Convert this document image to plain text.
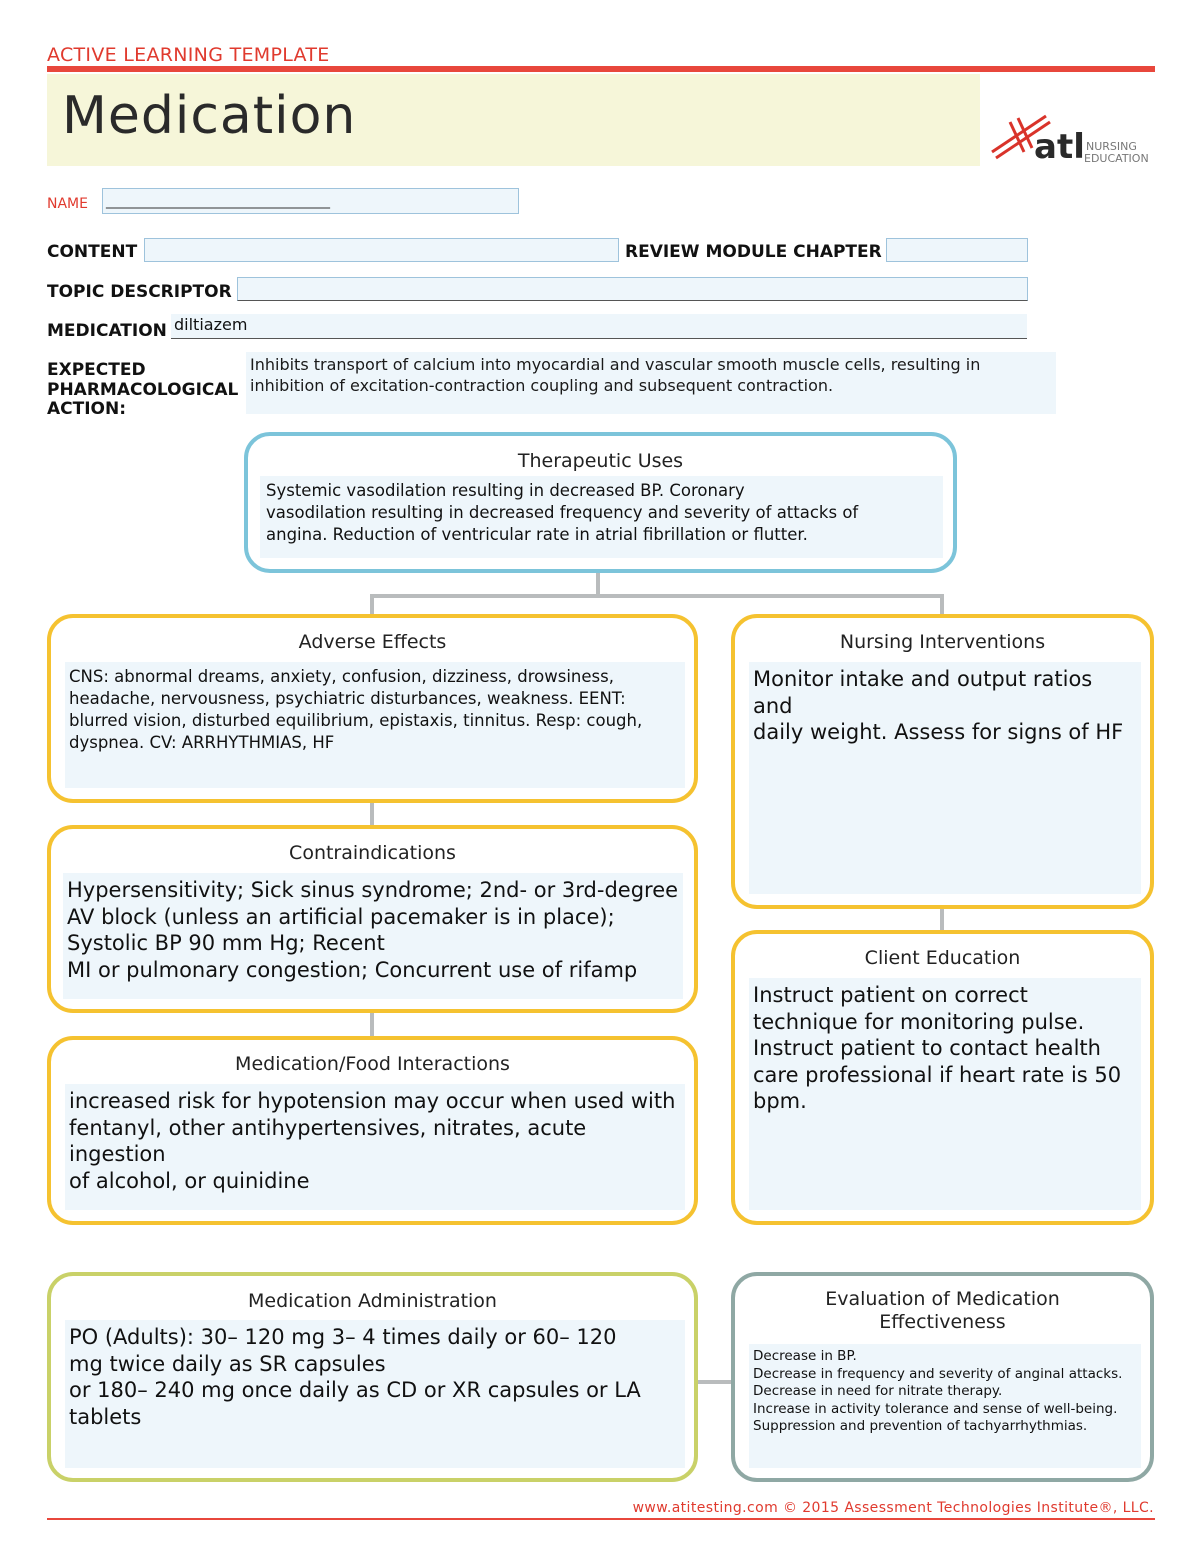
ACTIVE LEARNING TEMPLATE
Medication
atl NURSING
EDUCATION
NAME ________________________________
CONTENT	REVIEW MODULE CHAPTER
TOPIC DESCRIPTOR
MEDICATION diltiazem
EXPECTED
PHARMACOLOGICAL
ACTION:
Inhibits transport of calcium into myocardial and vascular smooth muscle cells, resulting in inhibition of excitation-contraction coupling and subsequent contraction.
Therapeutic Uses
Systemic vasodilation resulting in decreased BP. Coronary
vasodilation resulting in decreased frequency and severity of attacks of
angina. Reduction of ventricular rate in atrial fibrillation or flutter.
Adverse Effects
CNS: abnormal dreams, anxiety, confusion, dizziness, drowsiness,
headache, nervousness, psychiatric disturbances, weakness. EENT:
blurred vision, disturbed equilibrium, epistaxis, tinnitus. Resp: cough,
dyspnea. CV: ARRHYTHMIAS, HF
Nursing Interventions
Monitor intake and output ratios and
daily weight. Assess for signs of HF
Contraindications
Hypersensitivity; Sick sinus syndrome; 2nd- or 3rd-degree
AV block (unless an artificial pacemaker is in place);
Systolic BP 90 mm Hg; Recent
MI or pulmonary congestion; Concurrent use of rifamp	Client Education
Instruct patient on correct
technique for monitoring pulse.
Instruct patient to contact health
care professional if heart rate is 50
bpm.
Medication/Food Interactions
increased risk for hypotension may occur when used with
fentanyl, other antihypertensives, nitrates, acute ingestion
of alcohol, or quinidine
Medication Administration
PO (Adults): 30– 120 mg 3– 4 times daily or 60– 120
mg twice daily as SR capsules
or 180– 240 mg once daily as CD or XR capsules or LA
tablets
Evaluation of Medication
Effectiveness
Decrease in BP.
Decrease in frequency and severity of anginal attacks.
Decrease in need for nitrate therapy.
Increase in activity tolerance and sense of well-being.
Suppression and prevention of tachyarrhythmias.
www.atitesting.com © 2015 Assessment Technologies Institute®, LLC.
